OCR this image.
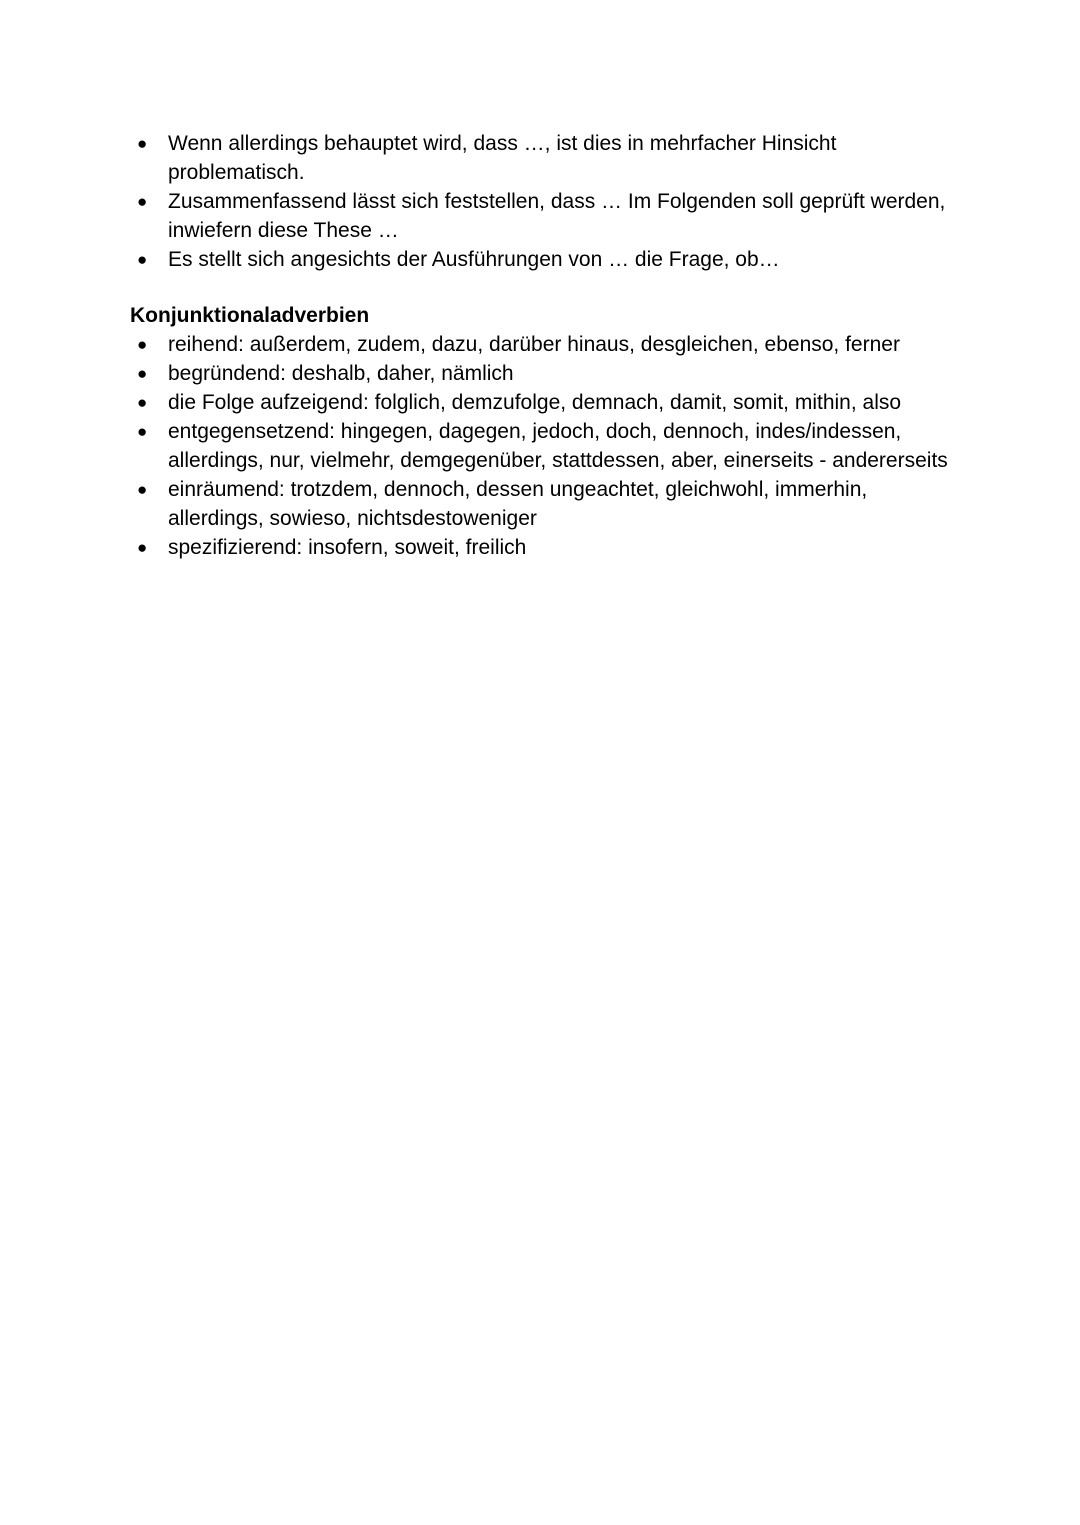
● Wenn allerdings behauptet wird, dass …, ist dies in mehrfacher Hinsicht problematisch.
● Zusammenfassend lässt sich feststellen, dass … Im Folgenden soll geprüft werden, inwiefern diese These …
● Es stellt sich angesichts der Ausführungen von … die Frage, ob…
Konjunktionaladverbien
● reihend: außerdem, zudem, dazu, darüber hinaus, desgleichen, ebenso, ferner
● begründend: deshalb, daher, nämlich
● die Folge aufzeigend: folglich, demzufolge, demnach, damit, somit, mithin, also
● entgegensetzend: hingegen, dagegen, jedoch, doch, dennoch, indes/indessen, allerdings, nur, vielmehr, demgegenüber, stattdessen, aber, einerseits - andererseits
● einräumend: trotzdem, dennoch, dessen ungeachtet, gleichwohl, immerhin, allerdings, sowieso, nichtsdestoweniger
● spezifizierend: insofern, soweit, freilich
